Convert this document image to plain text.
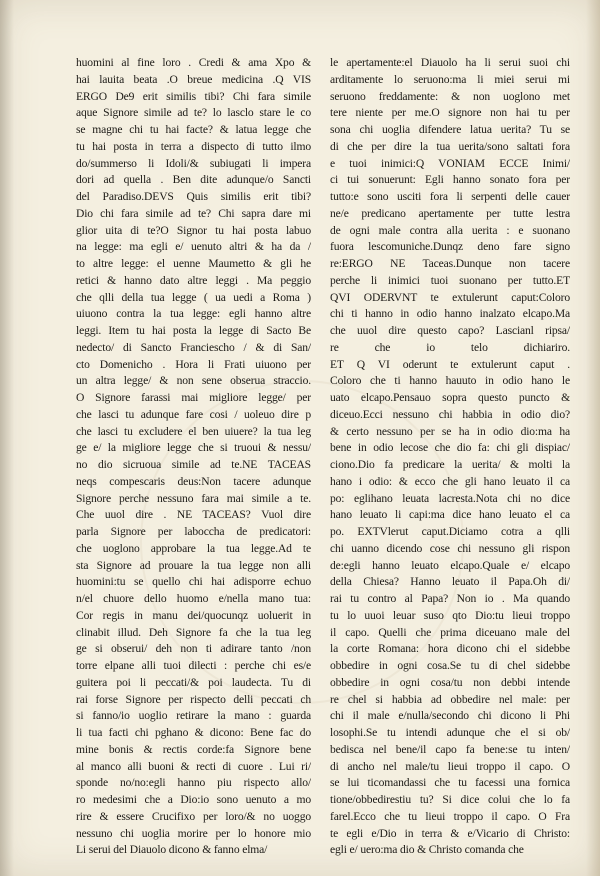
huomini al fine loro . Credi & ama Xpo &
hai lauita beata .O breue medicina .Q VIS
ERGO De9 erit similis tibi? Chi fara simile
aque Signore simile ad te? lo lasclo stare le co
se magne chi tu hai facte? & latua legge che
tu hai posta in terra a dispecto di tutto ilmo
do/summerso li Idoli/& subiugati li impera
dori ad quella . Ben dite adunque/o Sancti
del Paradiso.DEVS Quis similis erit tibi?
Dio chi fara simile ad te? Chi sapra dare mi
glior uita di te?O Signor tu hai posta labuo
na legge: ma egli e/ uenuto altri & ha da /
to altre legge: el uenne Maumetto & gli he
retici & hanno dato altre leggi . Ma peggio
che qlli della tua legge ( ua uedi a Roma )
uiuono contra la tua legge: egli hanno altre
leggi. Item tu hai posta la legge di Sacto Be
nedecto/ di Sancto Franciescho / & di San/
cto Domenicho . Hora li Frati uiuono per
un altra legge/ & non sene obserua straccio.
O Signore farassi mai migliore legge/ per
che lasci tu adunque fare cosi / uoleuo dire p
che lasci tu excludere el ben uiuere? la tua leg
ge e/ la migliore legge che si truoui & nessu/
no dio sicruoua simile ad te.NE TACEAS
neqs compescaris deus:Non tacere adunque
Signore perche nessuno fara mai simile a te.
Che uuol dire . NE TACEAS? Vuol dire
parla Signore per laboccha de predicatori:
che uoglono approbare la tua legge.Ad te
sta Signore ad prouare la tua legge non alli
huomini:tu se quello chi hai adisporre echuo
n/el chuore dello huomo e/nella mano tua:
Cor regis in manu dei/quocunqz uoluerit in
clinabit illud. Deh Signore fa che la tua leg
ge si obserui/ deh non ti adirare tanto /non
torre elpane alli tuoi dilecti : perche chi es/e
guitera poi li peccati/& poi laudecta. Tu di
rai forse Signore per rispecto delli peccati ch
si fanno/io uoglio retirare la mano : guarda
li tua facti chi pghano & dicono: Bene fac do
mine bonis & rectis corde:fa Signore bene
al manco alli buoni & recti di cuore . Lui ri/
sponde no/no:egli hanno piu rispecto allo/
ro medesimi che a Dio:io sono uenuto a mo
rire & essere Crucifixo per loro/& no uoggo
nessuno chi uoglia morire per lo honore mio
Li serui del Diauolo dicono & fanno elma/
le apertamente:el Diauolo ha li serui suoi chi
arditamente lo seruono:ma li miei serui mi
seruono freddamente: & non uoglono met
tere niente per me.O signore non hai tu per
sona chi uoglia difendere latua uerita? Tu se
di che per dire la tua uerita/sono saltati fora
e tuoi inimici:Q VONIAM ECCE Inimi/
ci tui sonuerunt: Egli hanno sonato fora per
tutto:e sono usciti fora li serpenti delle cauer
ne/e predicano apertamente per tutte lestra
de ogni male contra alla uerita : e suonano
fuora lescomuniche.Dunqz deno fare signo
re:ERGO NE Taceas.Dunque non tacere
perche li inimici tuoi suonano per tutto.ET
QVI ODERVNT te extulerunt caput:Coloro
chi ti hanno in odio hanno inalzato elcapo.Ma
che uuol dire questo capo? Lascianl ripsa/
re che io telo dichiariro.
ET Q VI oderunt te extulerunt caput .
Coloro che ti hanno hauuto in odio hano le
uato elcapo.Pensauo sopra questo puncto &
diceuo.Ecci nessuno chi habbia in odio dio?
& certo nessuno per se ha in odio dio:ma ha
bene in odio lecose che dio fa: chi gli dispiac/
ciono.Dio fa predicare la uerita/ & molti la
hano i odio: & ecco che gli hano leuato il ca
po: eglihano leuata lacresta.Nota chi no dice
hano leuato li capi:ma dice hano leuato el ca
po. EXTVlerut caput.Diciamo cotra a qlli
chi uanno dicendo cose chi nessuno gli rispon
de:egli hanno leuato elcapo.Quale e/ elcapo
della Chiesa? Hanno leuato il Papa.Oh di/
rai tu contro al Papa? Non io . Ma quando
tu lo uuoi leuar suso qto Dio:tu lieui troppo
il capo. Quelli che prima diceuano male del
la corte Romana: hora dicono chi el sidebbe
obbedire in ogni cosa.Se tu di chel sidebbe
obbedire in ogni cosa/tu non debbi intende
re chel si habbia ad obbedire nel male: per
chi il male e/nulla/secondo chi dicono li Phi
losophi.Se tu intendi adunque che el si ob/
bedisca nel bene/il capo fa bene:se tu inten/
di ancho nel male/tu lieui troppo il capo. O
se lui ticomandassi che tu facessi una fornica
tione/obbedirestiu tu? Si dice colui che lo fa
farel.Ecco che tu lieui troppo il capo. O Fra
te egli e/Dio in terra & e/Vicario di Christo:
egli e/ uero:ma dio & Christo comanda che
